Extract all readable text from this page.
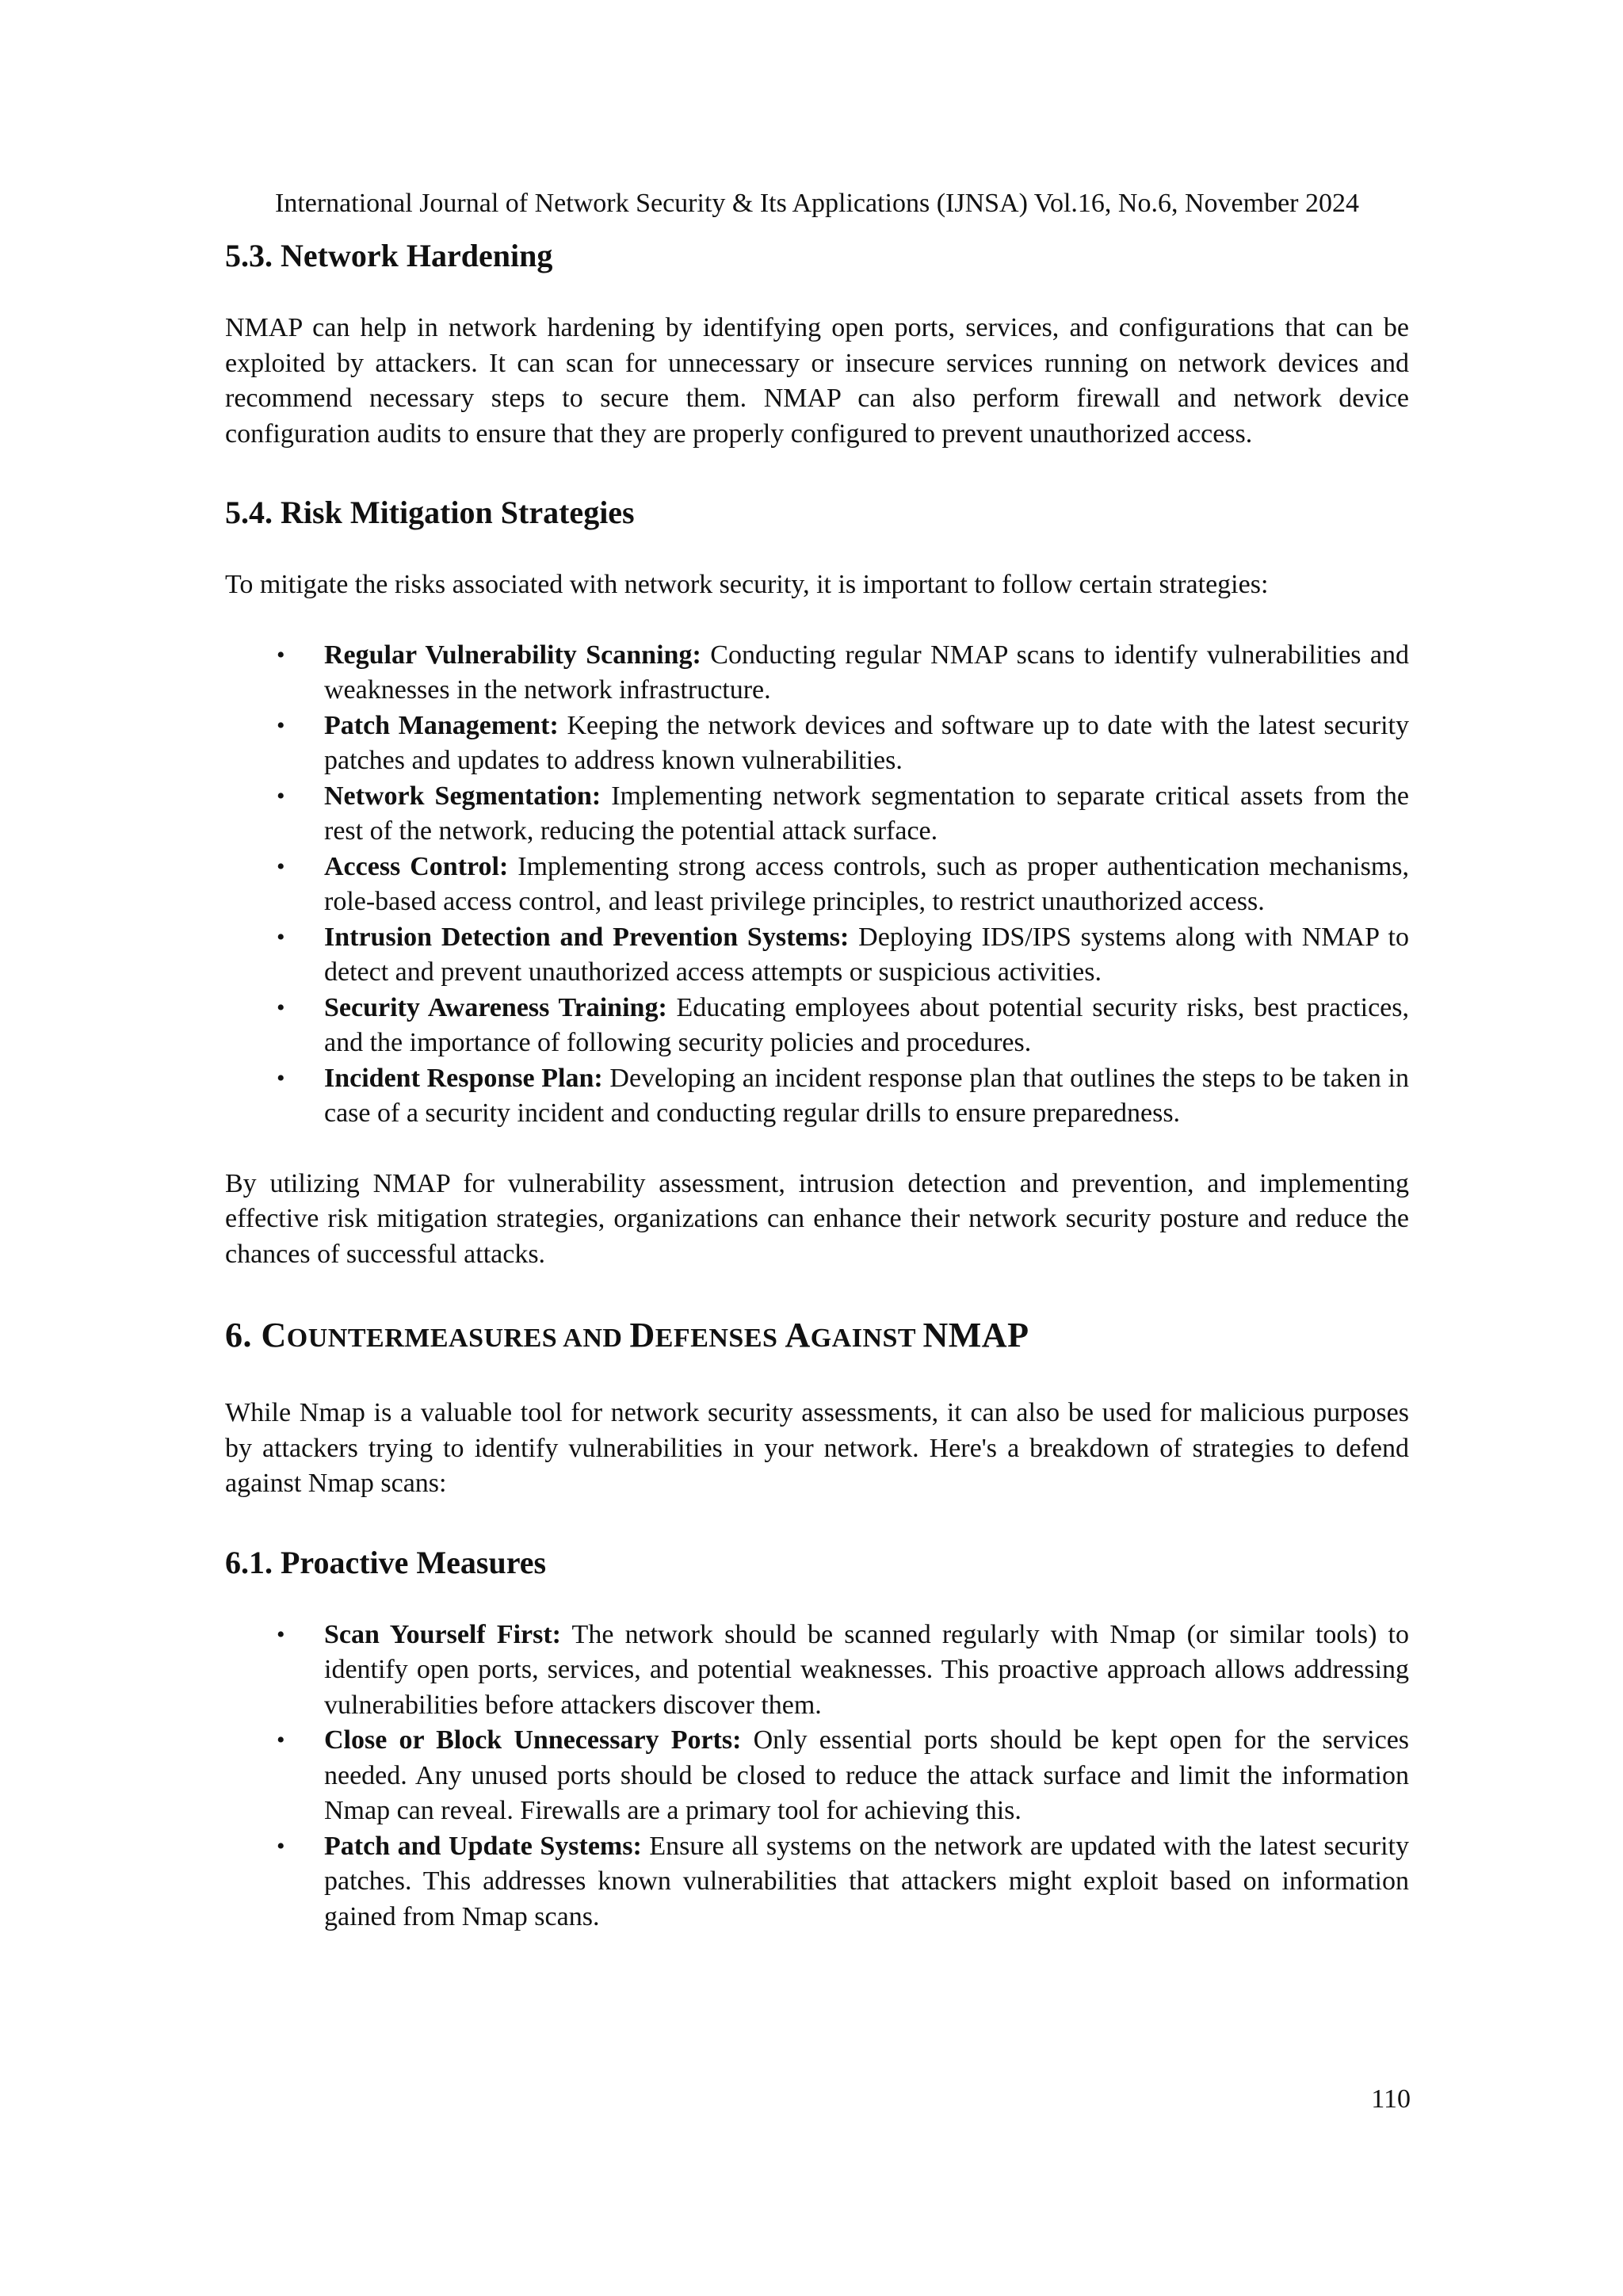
International Journal of Network Security & Its Applications (IJNSA) Vol.16, No.6, November 2024
5.3. Network Hardening

NMAP can help in network hardening by identifying open ports, services, and configurations that can be exploited by attackers. It can scan for unnecessary or insecure services running on network devices and recommend necessary steps to secure them. NMAP can also perform firewall and network device configuration audits to ensure that they are properly configured to prevent unauthorized access.

5.4. Risk Mitigation Strategies

To mitigate the risks associated with network security, it is important to follow certain strategies:

• Regular Vulnerability Scanning: Conducting regular NMAP scans to identify vulnerabilities and weaknesses in the network infrastructure.
• Patch Management: Keeping the network devices and software up to date with the latest security patches and updates to address known vulnerabilities.
• Network Segmentation: Implementing network segmentation to separate critical assets from the rest of the network, reducing the potential attack surface.
• Access Control: Implementing strong access controls, such as proper authentication mechanisms, role-based access control, and least privilege principles, to restrict unauthorized access.
• Intrusion Detection and Prevention Systems: Deploying IDS/IPS systems along with NMAP to detect and prevent unauthorized access attempts or suspicious activities.
• Security Awareness Training: Educating employees about potential security risks, best practices, and the importance of following security policies and procedures.
• Incident Response Plan: Developing an incident response plan that outlines the steps to be taken in case of a security incident and conducting regular drills to ensure preparedness.

By utilizing NMAP for vulnerability assessment, intrusion detection and prevention, and implementing effective risk mitigation strategies, organizations can enhance their network security posture and reduce the chances of successful attacks.

6. COUNTERMEASURES AND DEFENSES AGAINST NMAP

While Nmap is a valuable tool for network security assessments, it can also be used for malicious purposes by attackers trying to identify vulnerabilities in your network. Here's a breakdown of strategies to defend against Nmap scans:

6.1. Proactive Measures
• Scan Yourself First: The network should be scanned regularly with Nmap (or similar tools) to identify open ports, services, and potential weaknesses. This proactive approach allows addressing vulnerabilities before attackers discover them.
• Close or Block Unnecessary Ports: Only essential ports should be kept open for the services needed. Any unused ports should be closed to reduce the attack surface and limit the information Nmap can reveal. Firewalls are a primary tool for achieving this.
• Patch and Update Systems: Ensure all systems on the network are updated with the latest security patches. This addresses known vulnerabilities that attackers might exploit based on information gained from Nmap scans.
110
